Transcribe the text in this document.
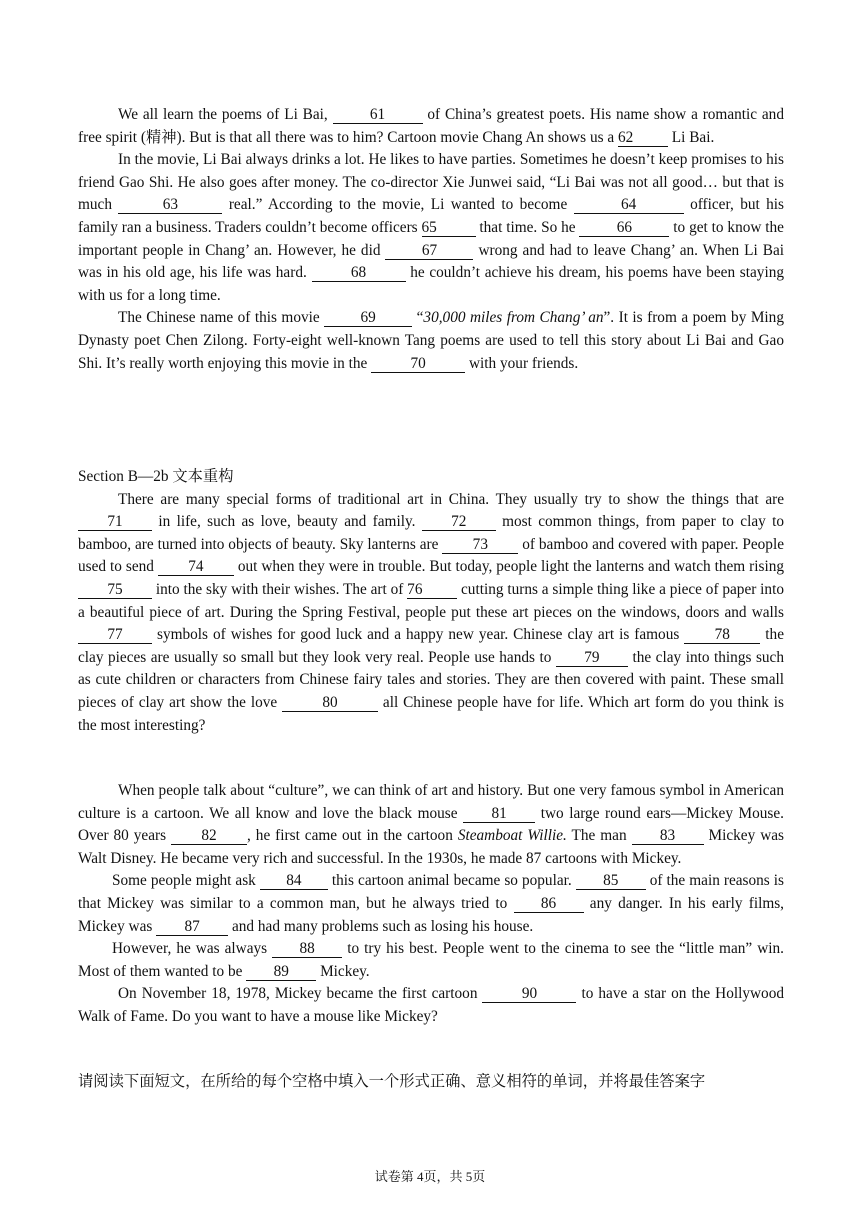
We all learn the poems of Li Bai, 61 of China’s greatest poets. His name show a romantic and free spirit (精神). But is that all there was to him? Cartoon movie Chang An shows us a 62 Li Bai.

In the movie, Li Bai always drinks a lot. He likes to have parties. Sometimes he doesn’t keep promises to his friend Gao Shi. He also goes after money. The co-director Xie Junwei said, “Li Bai was not all good… but that is much	63	real.” According to the movie, Li wanted to become	64	officer, but his family ran a business. Traders couldn’t become officers 65	that time. So he 66 to get to know the important people in Chang’ an. However, he did 67 wrong and had to leave Chang’ an. When Li Bai was in his old age, his life was hard.	68	he couldn’t achieve his dream, his poems have been staying with us for a long time.

The Chinese name of this movie 69 “30,000 miles from Chang’ an”. It is from a poem by Ming Dynasty poet Chen Zilong. Forty-eight well-known Tang poems are used to tell this story about Li Bai and Gao Shi. It’s really worth enjoying this movie in the	70	with your friends.

Section B—2b 文本重构

There are many special forms of traditional art in China. They usually try to show the things that are 71 in life, such as love, beauty and family. 72 most common things, from paper to clay to bamboo, are turned into objects of beauty. Sky lanterns are 73 of bamboo and covered with paper. People used to send 74 out when they were in trouble. But today, people light the lanterns and watch them rising 75 into the sky with their wishes. The art of 76 cutting turns a simple thing like a piece of paper into a beautiful piece of art. During the Spring Festival, people put these art pieces on the windows, doors and walls 77 symbols of wishes for good luck and a happy new year. Chinese clay art is famous 78 the clay pieces are usually so small but they look very real. People use hands to 79 the clay into things such as cute children or characters from Chinese fairy tales and stories. They are then covered with paint. These small pieces of clay art show the love	80	all Chinese people have for life. Which art form do you think is the most interesting?

When people talk about “culture”, we can think of art and history. But one very famous symbol in American culture is a cartoon. We all know and love the black mouse 81 two large round ears—Mickey Mouse. Over 80 years 82 , he first came out in the cartoon Steamboat Willie. The man 83 Mickey was Walt Disney. He became very rich and successful. In the 1930s, he made 87 cartoons with Mickey.

Some people might ask 84 this cartoon animal became so popular. 85 of the main reasons is that Mickey was similar to a common man, but he always tried to 86 any danger. In his early films, Mickey was 87 and had many problems such as losing his house.

However, he was always 88 to try his best. People went to the cinema to see the “little man” win. Most of them wanted to be 89 Mickey.

On November 18, 1978, Mickey became the first cartoon	90	to have a star on the Hollywood Walk of Fame. Do you want to have a mouse like Mickey?

请阅读下面短文，在所给的每个空格中填入一个形式正确、意义相符的单词，并将最佳答案字
试卷第 4页，共 5页
